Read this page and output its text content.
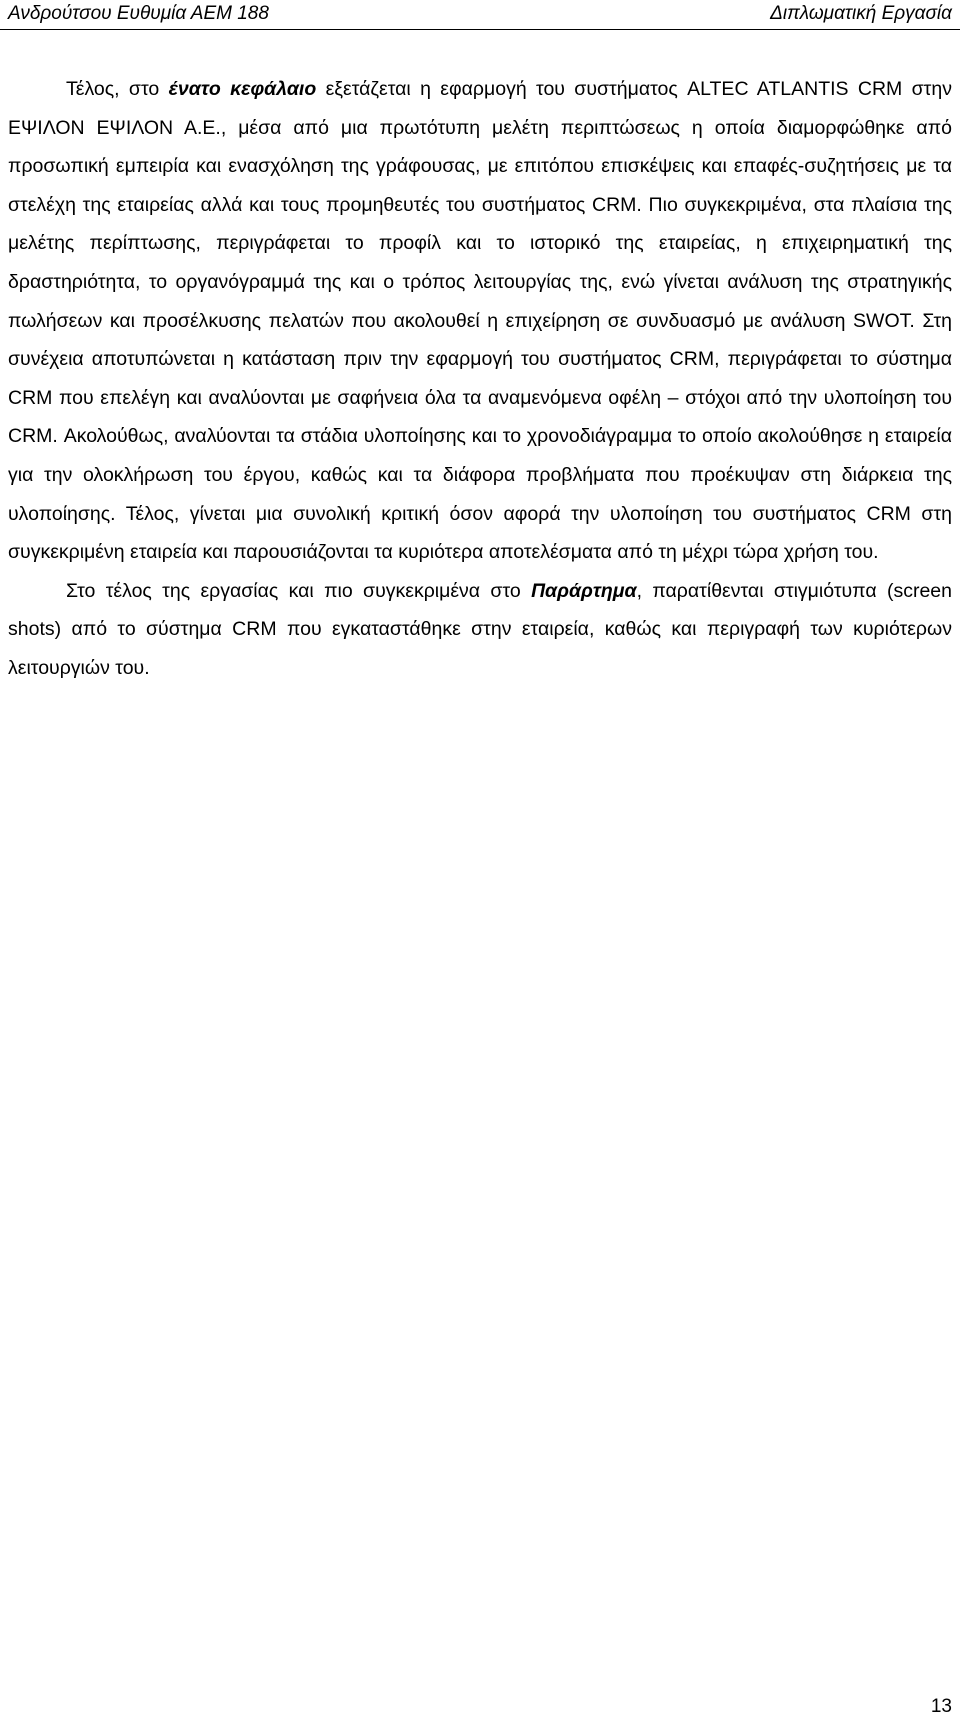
Ανδρούτσου Ευθυμία ΑΕΜ 188	Διπλωματική Εργασία

Τέλος, στο ένατο κεφάλαιο εξετάζεται η εφαρμογή του συστήματος ALTEC ATLANTIS CRM στην ΕΨΙΛΟΝ ΕΨΙΛΟΝ Α.Ε., μέσα από μια πρωτότυπη μελέτη περιπτώσεως η οποία διαμορφώθηκε από προσωπική εμπειρία και ενασχόληση της γράφουσας, με επιτόπου επισκέψεις και επαφές-συζητήσεις με τα στελέχη της εταιρείας αλλά και τους προμηθευτές του συστήματος CRM. Πιο συγκεκριμένα, στα πλαίσια της μελέτης περίπτωσης, περιγράφεται το προφίλ και το ιστορικό της εταιρείας, η επιχειρηματική της δραστηριότητα, το οργανόγραμμά της και ο τρόπος λειτουργίας της, ενώ γίνεται ανάλυση της στρατηγικής πωλήσεων και προσέλκυσης πελατών που ακολουθεί η επιχείρηση σε συνδυασμό με ανάλυση SWOT. Στη συνέχεια αποτυπώνεται η κατάσταση πριν την εφαρμογή του συστήματος CRM, περιγράφεται το σύστημα CRM που επελέγη και αναλύονται με σαφήνεια όλα τα αναμενόμενα οφέλη – στόχοι από την υλοποίηση του CRM. Ακολούθως, αναλύονται τα στάδια υλοποίησης και το χρονοδιάγραμμα το οποίο ακολούθησε η εταιρεία για την ολοκλήρωση του έργου, καθώς και τα διάφορα προβλήματα που προέκυψαν στη διάρκεια της υλοποίησης. Τέλος, γίνεται μια συνολική κριτική όσον αφορά την υλοποίηση του συστήματος CRM στη συγκεκριμένη εταιρεία και παρουσιάζονται τα κυριότερα αποτελέσματα από τη μέχρι τώρα χρήση του.

Στο τέλος της εργασίας και πιο συγκεκριμένα στο Παράρτημα, παρατίθενται στιγμιότυπα (screen shots) από το σύστημα CRM που εγκαταστάθηκε στην εταιρεία, καθώς και περιγραφή των κυριότερων λειτουργιών του.

13
